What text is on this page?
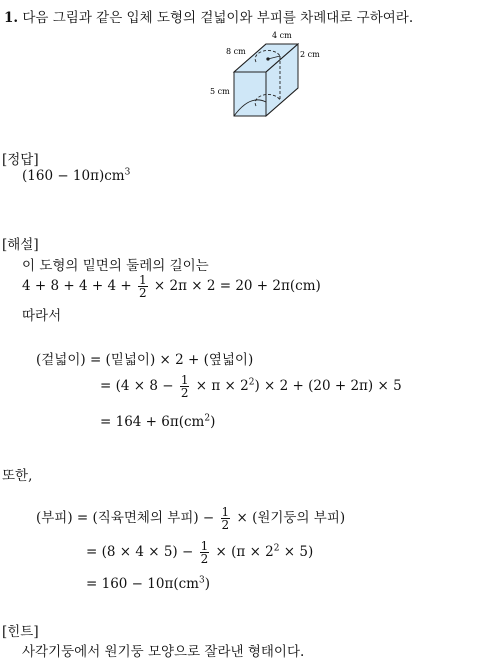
1. 다음 그림과 같은 입체 도형의 겉넓이와 부피를 차례대로 구하여라.
4 cm
8 cm	2 cm
5 cm
[정답]
$(160 - 10\pi)cm^3$
[해설]
이 도형의 밑면의 둘레의 길이는
$4 + 8 + 4 + 4 + \frac{1}{2} \times 2\pi \times 2 = 20 + 2\pi(cm)$
따라서
(겉넓이) = (밑넓이) × 2 + (옆넓이)
= $(4 \times 8 - \frac{1}{2} \times \pi \times 2^2) \times 2 + (20 + 2\pi) \times 5$
= $164 + 6\pi(cm^2)$
또한,
(부피) = (직육면체의 부피) − $\frac{1}{2}$ × (원기둥의 부피)
= $(8 \times 4 \times 5) - \frac{1}{2} \times (\pi \times 2^2 \times 5)$
= $160 - 10\pi(cm^3)$
[힌트]
사각기둥에서 원기둥 모양으로 잘라낸 형태이다.
